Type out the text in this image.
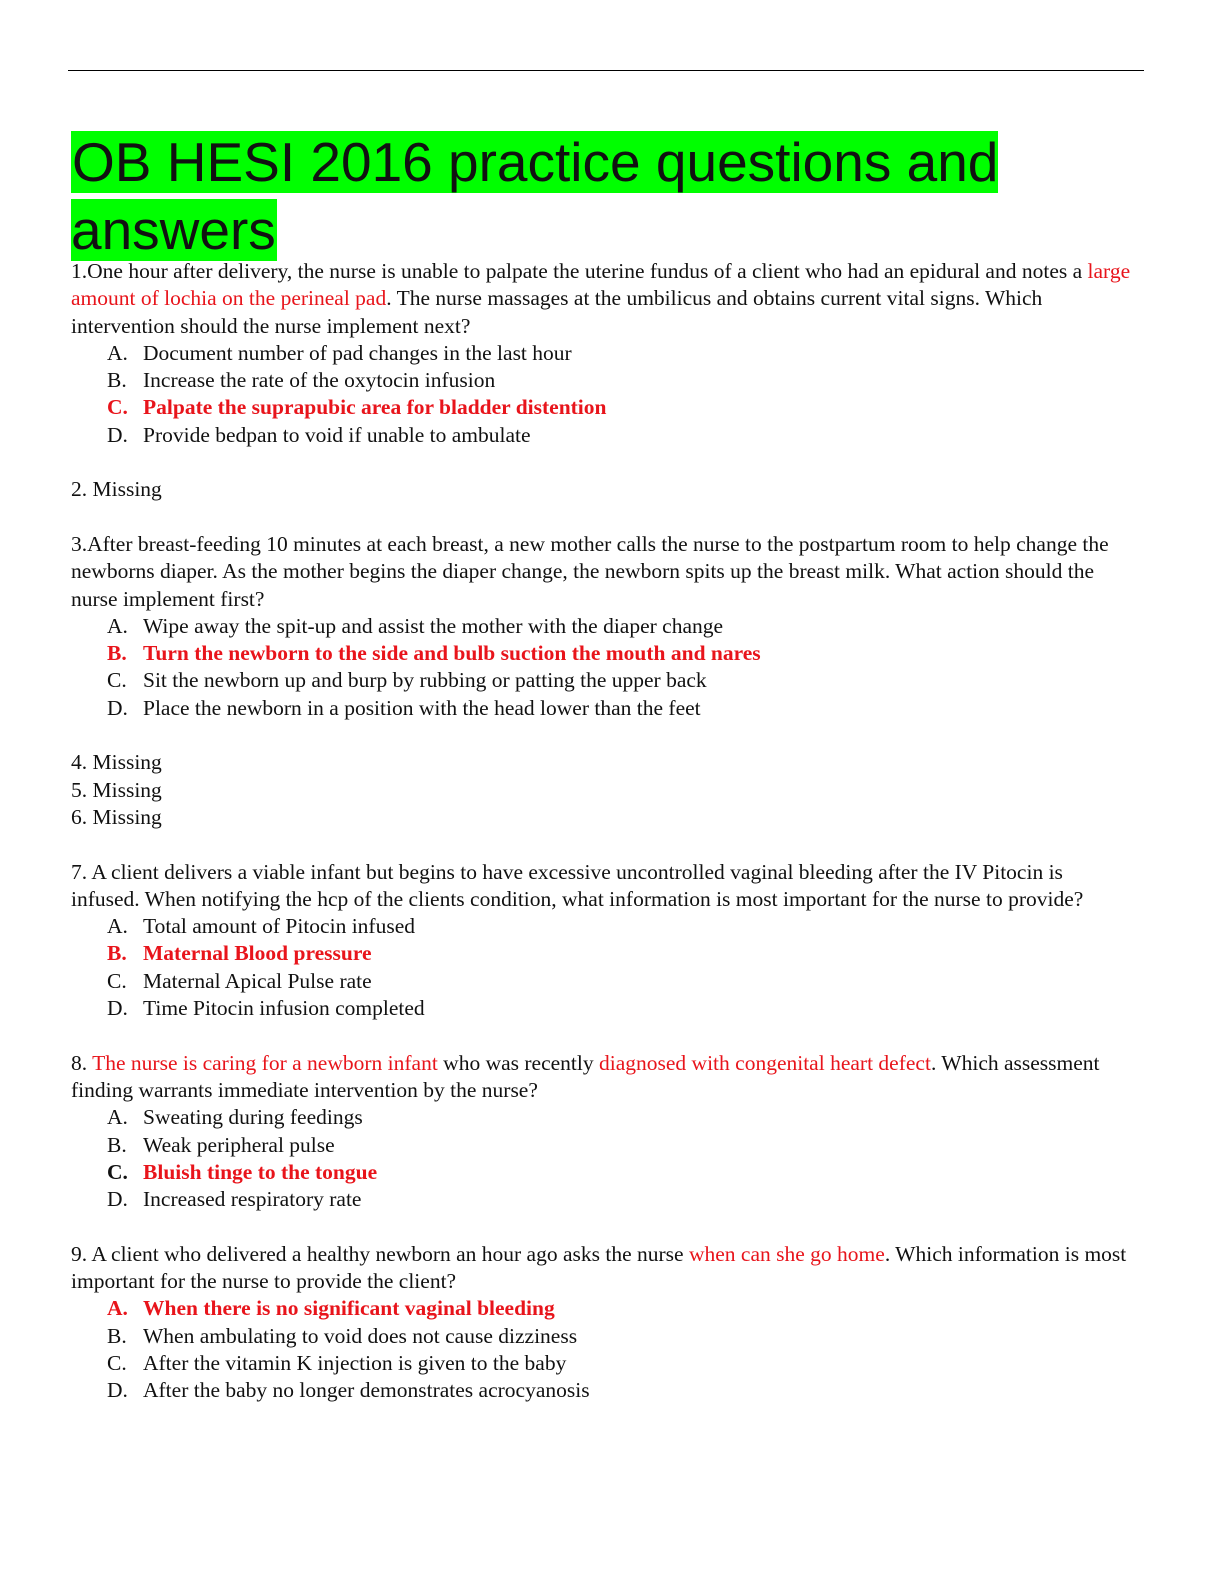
OB HESI 2016 practice questions and answers

1.One hour after delivery, the nurse is unable to palpate the uterine fundus of a client who had an epidural and notes a large amount of lochia on the perineal pad. The nurse massages at the umbilicus and obtains current vital signs. Which intervention should the nurse implement next?

A. Document number of pad changes in the last hour
B. Increase the rate of the oxytocin infusion
C. Palpate the suprapubic area for bladder distention
D. Provide bedpan to void if unable to ambulate

2. Missing

3.After breast-feeding 10 minutes at each breast, a new mother calls the nurse to the postpartum room to help change the newborns diaper. As the mother begins the diaper change, the newborn spits up the breast milk. What action should the nurse implement first?

A. Wipe away the spit-up and assist the mother with the diaper change
B. Turn the newborn to the side and bulb suction the mouth and nares
C. Sit the newborn up and burp by rubbing or patting the upper back
D. Place the newborn in a position with the head lower than the feet

4. Missing

5. Missing

6. Missing

7. A client delivers a viable infant but begins to have excessive uncontrolled vaginal bleeding after the IV Pitocin is infused. When notifying the hcp of the clients condition, what information is most important for the nurse to provide?

A. Total amount of Pitocin infused
B. Maternal Blood pressure
C. Maternal Apical Pulse rate
D. Time Pitocin infusion completed

8. The nurse is caring for a newborn infant who was recently diagnosed with congenital heart defect. Which assessment finding warrants immediate intervention by the nurse?

A. Sweating during feedings
B. Weak peripheral pulse
C. Bluish tinge to the tongue
D. Increased respiratory rate

9. A client who delivered a healthy newborn an hour ago asks the nurse when can she go home. Which information is most important for the nurse to provide the client?

A. When there is no significant vaginal bleeding
B. When ambulating to void does not cause dizziness
C. After the vitamin K injection is given to the baby
D. After the baby no longer demonstrates acrocyanosis
